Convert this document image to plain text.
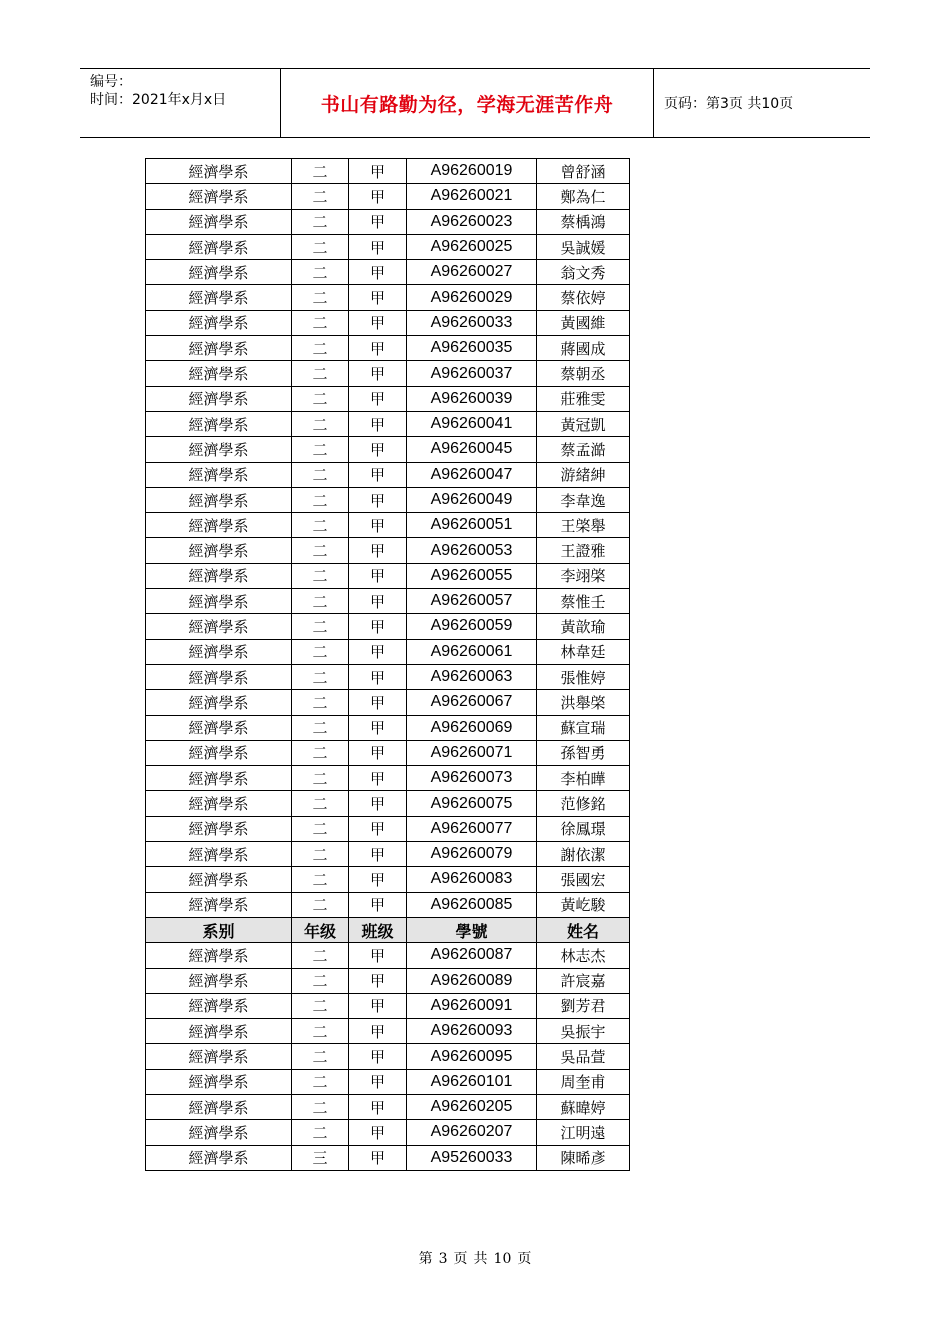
编号：
时间：2021年x月x日	书山有路勤为径，学海无涯苦作舟	页码：第3页 共10页
經濟學系	二	甲	A96260019	曾舒涵
經濟學系	二	甲	A96260021	鄭為仁
經濟學系	二	甲	A96260023	蔡楀鴻
經濟學系	二	甲	A96260025	吳誠媛
經濟學系	二	甲	A96260027	翁文秀
經濟學系	二	甲	A96260029	蔡依婷
經濟學系	二	甲	A96260033	黃國維
經濟學系	二	甲	A96260035	蔣國成
經濟學系	二	甲	A96260037	蔡朝丞
經濟學系	二	甲	A96260039	莊雅雯
經濟學系	二	甲	A96260041	黃冠凱
經濟學系	二	甲	A96260045	蔡孟澔
經濟學系	二	甲	A96260047	游緒紳
經濟學系	二	甲	A96260049	李韋逸
經濟學系	二	甲	A96260051	王棨舉
經濟學系	二	甲	A96260053	王證雅
經濟學系	二	甲	A96260055	李翊棨
經濟學系	二	甲	A96260057	蔡惟壬
經濟學系	二	甲	A96260059	黃歆瑜
經濟學系	二	甲	A96260061	林韋廷
經濟學系	二	甲	A96260063	張惟婷
經濟學系	二	甲	A96260067	洪舉棨
經濟學系	二	甲	A96260069	蘇宣瑞
經濟學系	二	甲	A96260071	孫智勇
經濟學系	二	甲	A96260073	李柏曄
經濟學系	二	甲	A96260075	范修銘
經濟學系	二	甲	A96260077	徐鳳璟
經濟學系	二	甲	A96260079	謝依潔
經濟學系	二	甲	A96260083	張國宏
經濟學系	二	甲	A96260085	黃屹駿
系别	年级	班级	學號	姓名
經濟學系	二	甲	A96260087	林志杰
經濟學系	二	甲	A96260089	許宸嘉
經濟學系	二	甲	A96260091	劉芳君
經濟學系	二	甲	A96260093	吳振宇
經濟學系	二	甲	A96260095	吳品萱
經濟學系	二	甲	A96260101	周奎甫
經濟學系	二	甲	A96260205	蘇暐婷
經濟學系	二	甲	A96260207	江明遠
經濟學系	三	甲	A95260033	陳晞彥
第 3 页 共 10 页
